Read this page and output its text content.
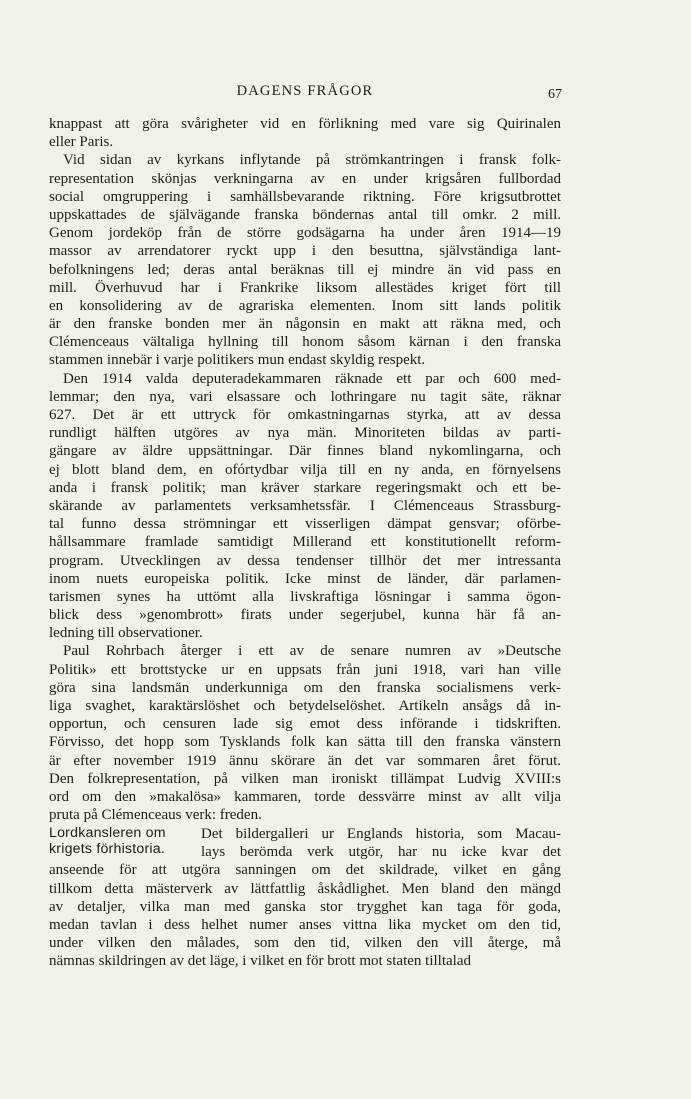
DAGENS FRÅGOR	67

knappast att göra svårigheter vid en förlikning med vare sig Quirinalen
eller Paris.

Vid sidan av kyrkans inflytande på strömkantringen i fransk folk-
representation skönjas verkningarna av en under krigsåren fullbordad
social omgruppering i samhällsbevarande riktning. Före krigsutbrottet
uppskattades de självägande franska böndernas antal till omkr. 2 mill.
Genom jordeköp från de större godsägarna ha under åren 1914—19
massor av arrendatorer ryckt upp i den besuttna, självständiga lant-
befolkningens led; deras antal beräknas till ej mindre än vid pass en
mill. Överhuvud har i Frankrike liksom allestädes kriget fört till
en konsolidering av de agrariska elementen. Inom sitt lands politik
är den franske bonden mer än någonsin en makt att räkna med, och
Clémenceaus vältaliga hyllning till honom såsom kärnan i den franska
stammen innebär i varje politikers mun endast skyldig respekt.

Den 1914 valda deputeradekammaren räknade ett par och 600 med-
lemmar; den nya, vari elsassare och lothringare nu tagit säte, räknar
627. Det är ett uttryck för omkastningarnas styrka, att av dessa
rundligt hälften utgöres av nya män. Minoriteten bildas av parti-
gängare av äldre uppsättningar. Där finnes bland nykomlingarna, och
ej blott bland dem, en ofórtydbar vilja till en ny anda, en förnyelsens
anda i fransk politik; man kräver starkare regeringsmakt och ett be-
skärande av parlamentets verksamhetssfär. I Clémenceaus Strassburg-
tal funno dessa strömningar ett visserligen dämpat gensvar; oförbe-
hållsammare framlade samtidigt Millerand ett konstitutionellt reform-
program. Utvecklingen av dessa tendenser tillhör det mer intressanta
inom nuets europeiska politik. Icke minst de länder, där parlamen-
tarismen synes ha uttömt alla livskraftiga lösningar i samma ögon-
blick dess »genombrott» firats under segerjubel, kunna här få an-
ledning till observationer.

Paul Rohrbach återger i ett av de senare numren av »Deutsche
Politik» ett brottstycke ur en uppsats från juni 1918, vari han ville
göra sina landsmän underkunniga om den franska socialismens verk-
liga svaghet, karaktärslöshet och betydelselöshet. Artikeln ansågs då in-
opportun, och censuren lade sig emot dess införande i tidskriften.
Förvisso, det hopp som Tysklands folk kan sätta till den franska vänstern
är efter november 1919 ännu skörare än det var sommaren året förut.
Den folkrepresentation, på vilken man ironiskt tillämpat Ludvig XVIII:s
ord om den »makalösa» kammaren, torde dessvärre minst av allt vilja
pruta på Clémenceaus verk: freden.

Lordkansleren om
krigets förhistoria.
Det bildergalleri ur Englands historia, som Macau-
lays berömda verk utgör, har nu icke kvar det
anseende för att utgöra sanningen om det skildrade, vilket en gång
tillkom detta mästerverk av lättfattlig åskådlighet. Men bland den mängd
av detaljer, vilka man med ganska stor trygghet kan taga för goda,
medan tavlan i dess helhet numer anses vittna lika mycket om den tid,
under vilken den målades, som den tid, vilken den vill återge, må
nämnas skildringen av det läge, i vilket en för brott mot staten tilltalad
